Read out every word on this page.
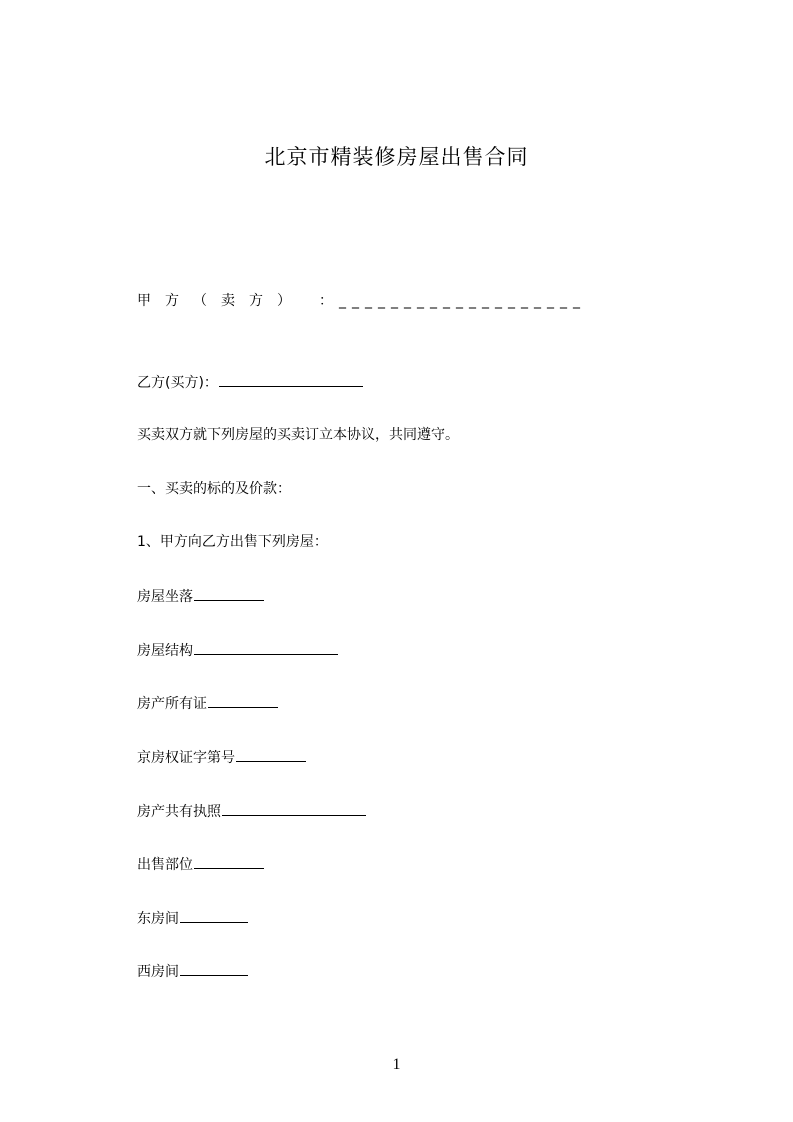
北京市精装修房屋出售合同
甲方（卖方）	：___________________
乙方(买方)：
买卖双方就下列房屋的买卖订立本协议，共同遵守。
一、买卖的标的及价款：
1、甲方向乙方出售下列房屋：
房屋坐落
房屋结构
房产所有证
京房权证字第号
房产共有执照
出售部位
东房间
西房间
1
